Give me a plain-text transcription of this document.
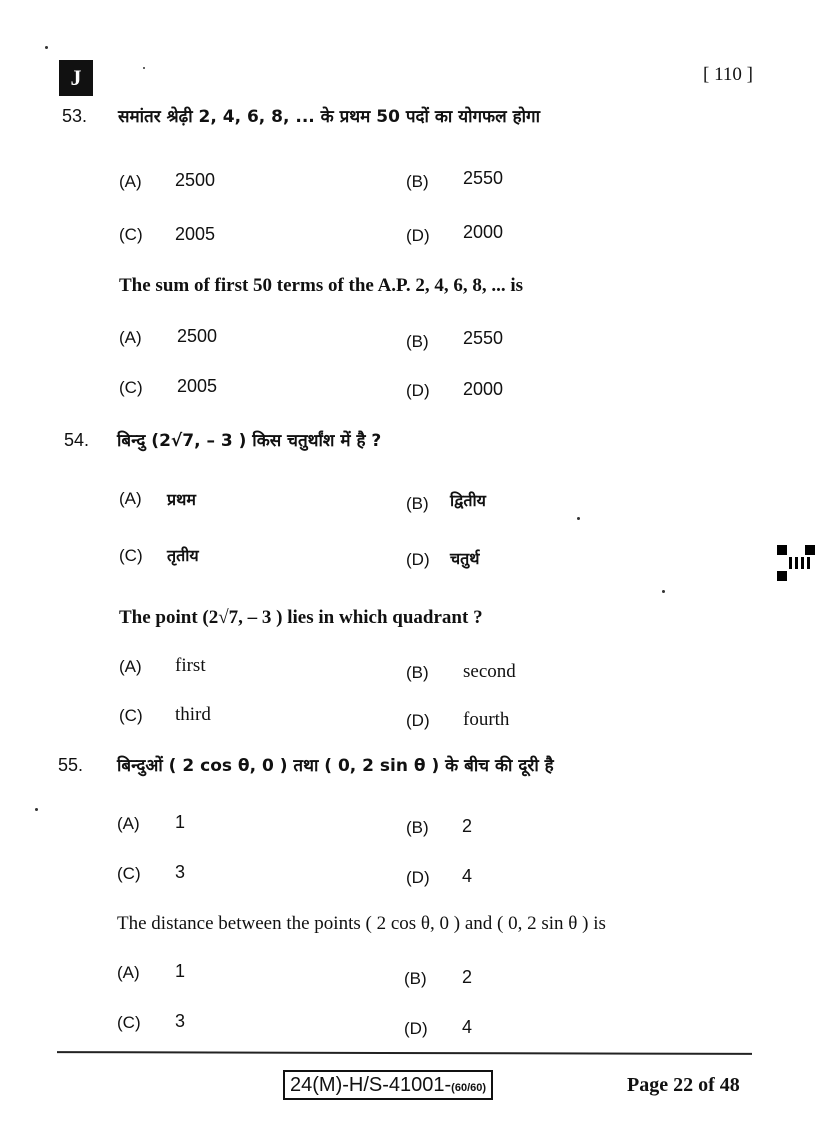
J	[ 110 ]
53. समांतर श्रेढ़ी 2, 4, 6, 8, ... के प्रथम 50 पदों का योगफल होगा
(A) 2500	(B) 2550
(C) 2005	(D) 2000
The sum of first 50 terms of the A.P. 2, 4, 6, 8, ... is
(A) 2500	(B) 2550
(C) 2005	(D) 2000
54. बिन्दु (2√7, – 3 ) किस चतुर्थांश में है ?
(A) प्रथम	(B) द्वितीय
(C) तृतीय	(D) चतुर्थ
The point (2√7, – 3 ) lies in which quadrant ?
(A) first	(B) second
(C) third	(D) fourth
55. बिन्दुओं ( 2 cos θ, 0 ) तथा ( 0, 2 sin θ ) के बीच की दूरी है
(A) 1	(B) 2
(C) 3	(D) 4
The distance between the points ( 2 cos θ, 0 ) and ( 0, 2 sin θ ) is
(A) 1	(B) 2
(C) 3	(D) 4
24(M)-H/S-41001-(60/60)	Page 22 of 48
